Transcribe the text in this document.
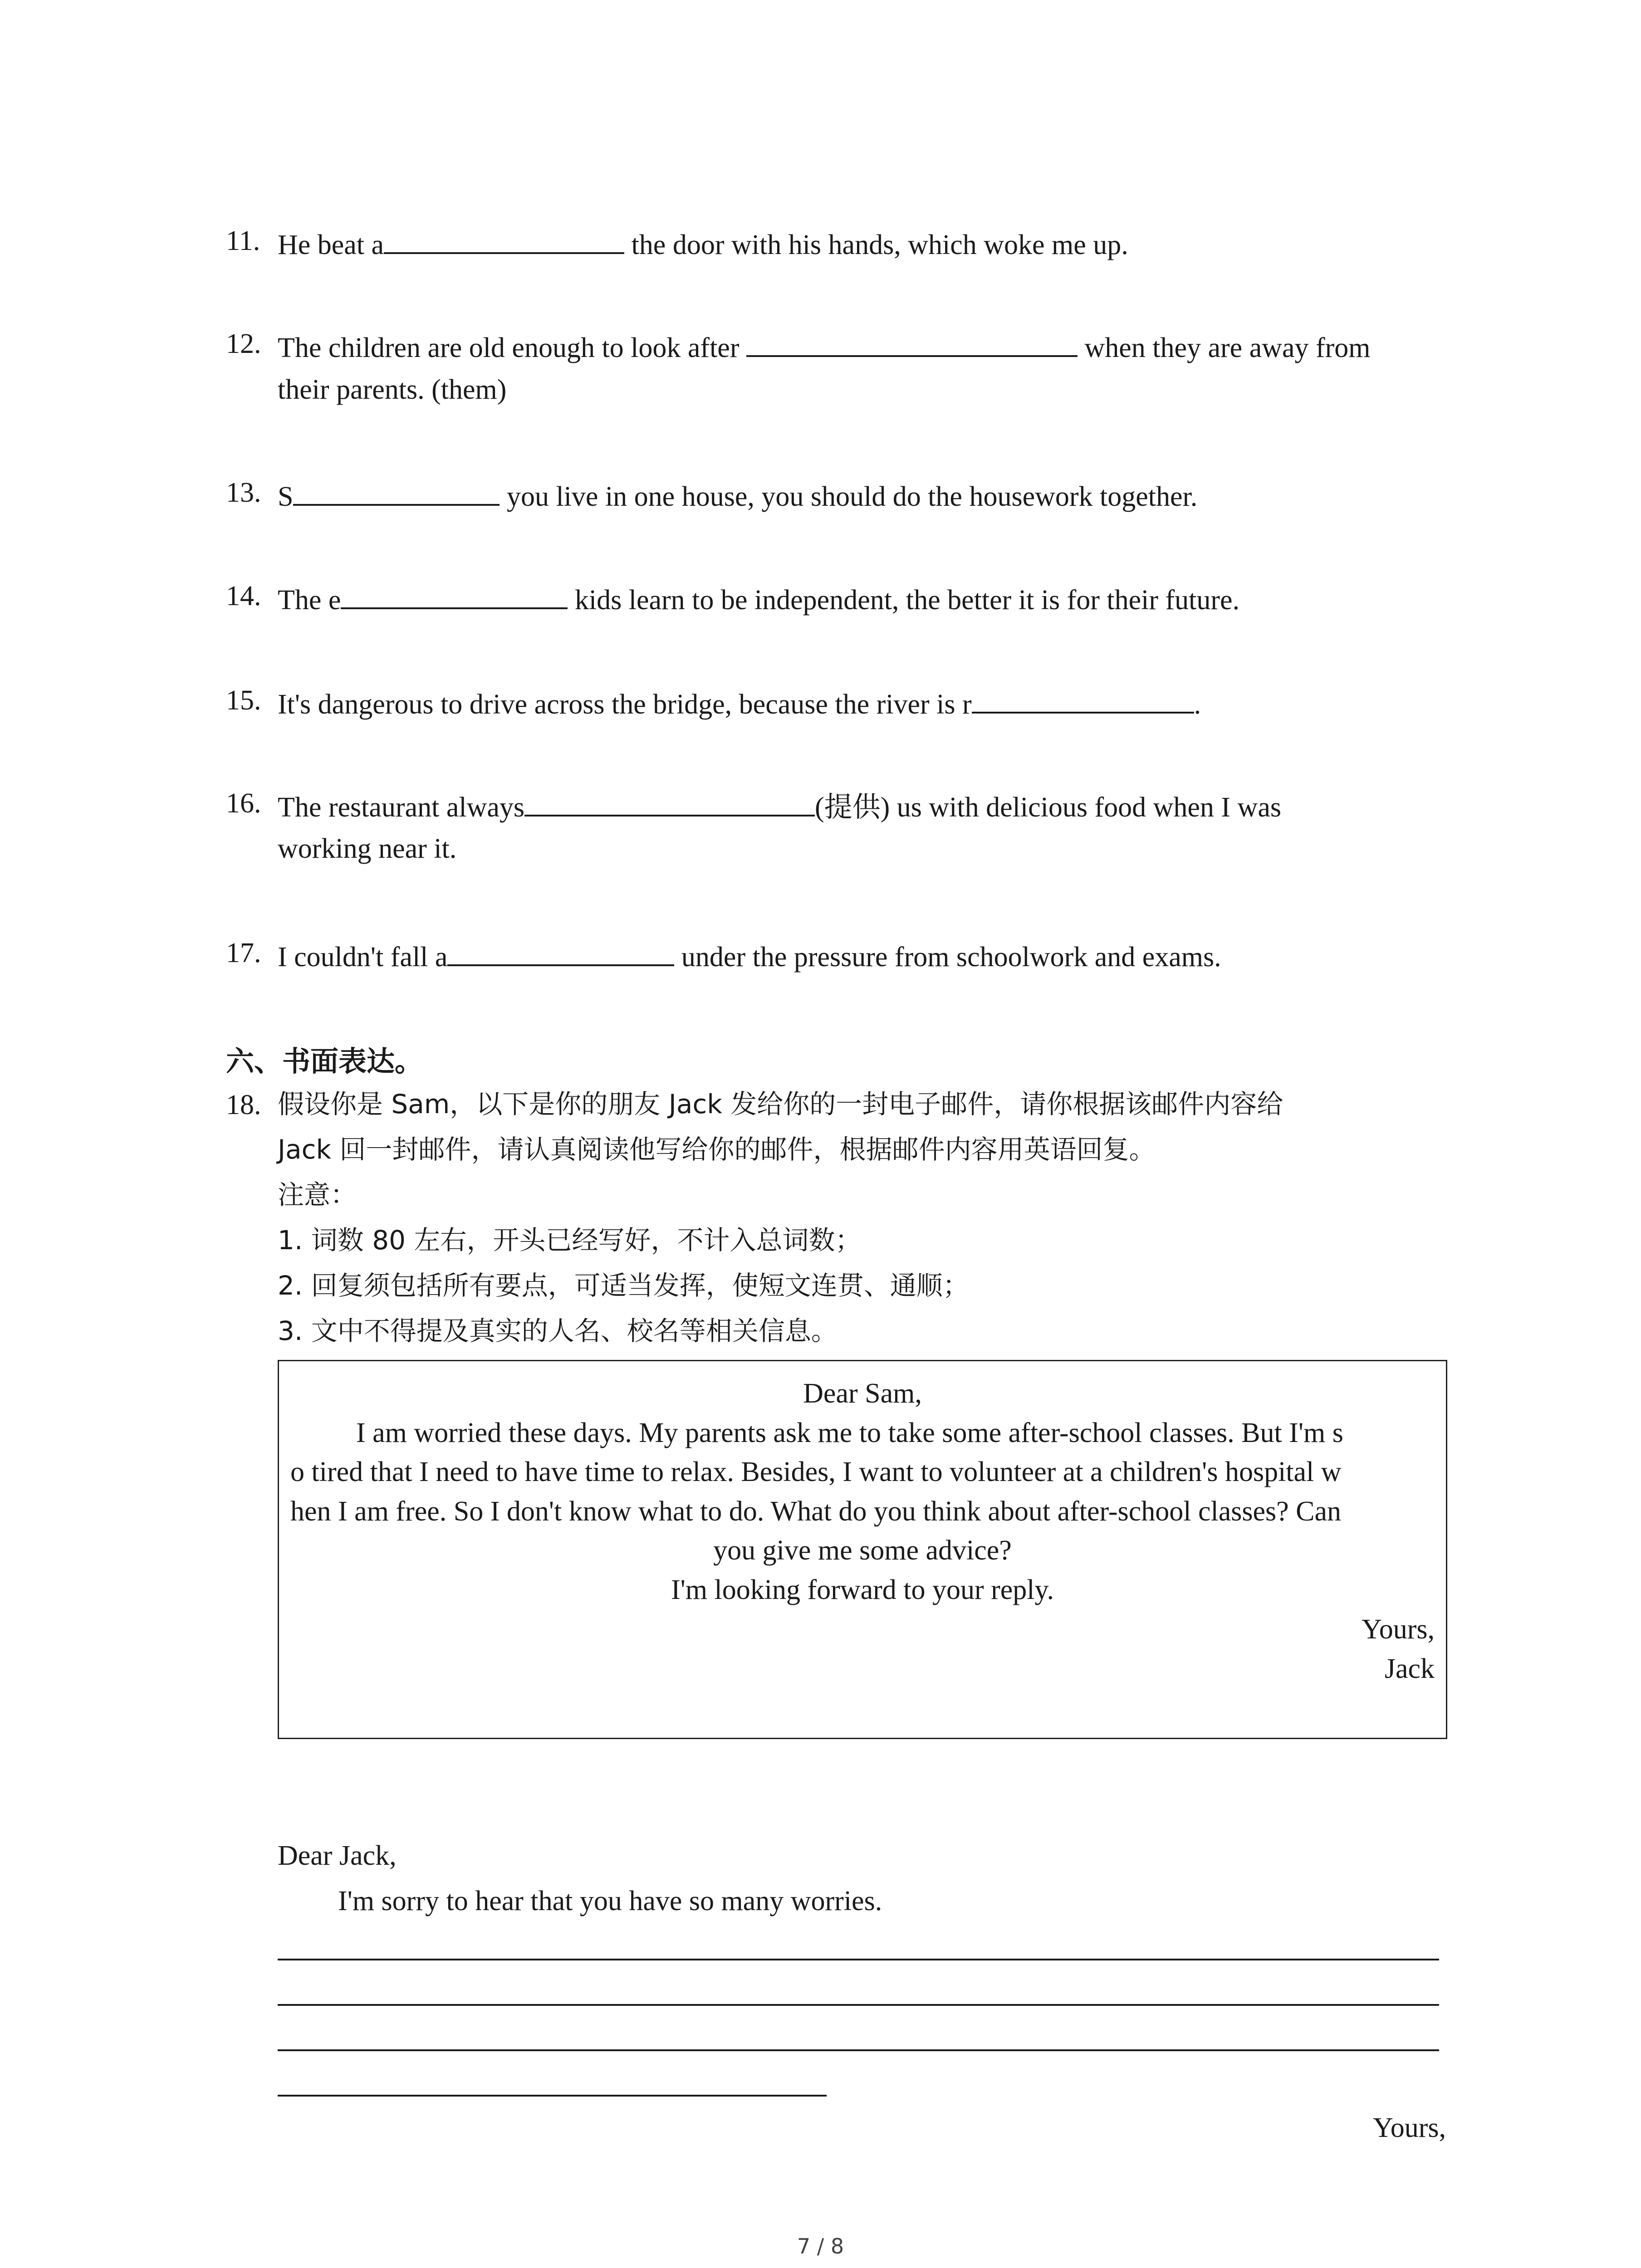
11. He beat a	the door with his hands, which woke me up.
12. The children are old enough to look after	when they are away from
their parents. (them)
13. S	you live in one house, you should do the housework together.
14. The e	kids learn to be independent, the better it is for their future.
15. It's dangerous to drive across the bridge, because the river is r	.
16. The restaurant always	(提供) us with delicious food when I was
working near it.
17. I couldn't fall a	under the pressure from schoolwork and exams.
六、书面表达。
18. 假设你是 Sam，以下是你的朋友 Jack 发给你的一封电子邮件，请你根据该邮件内容给
Jack 回一封邮件，请认真阅读他写给你的邮件，根据邮件内容用英语回复。
注意：
1. 词数 80 左右，开头已经写好，不计入总词数；
2. 回复须包括所有要点，可适当发挥，使短文连贯、通顺；
3. 文中不得提及真实的人名、校名等相关信息。
Dear Sam,
I am worried these days. My parents ask me to take some after-school classes. But I'm s
o tired that I need to have time to relax. Besides, I want to volunteer at a children's hospital w
hen I am free. So I don't know what to do. What do you think about after-school classes? Can
you give me some advice?
I'm looking forward to your reply.
Yours,
Jack
Dear Jack,
I'm sorry to hear that you have so many worries.
Yours,
7 / 8
